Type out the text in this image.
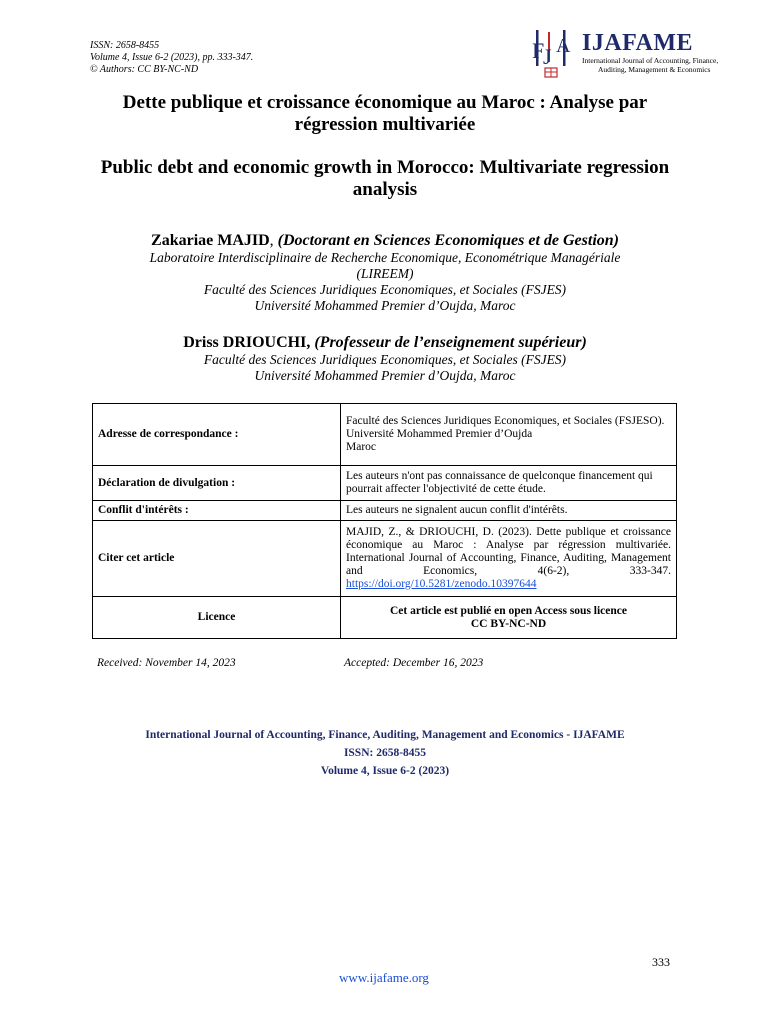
ISSN: 2658-8455
Volume 4, Issue 6-2 (2023), pp. 333-347.
© Authors: CC BY-NC-ND
F
J A IJAFAME
International Journal of Accounting, Finance,
Auditing, Management & Economics

Dette publique et croissance économique au Maroc : Analyse par régression multivariée

Public debt and economic growth in Morocco: Multivariate regression analysis

Zakariae MAJID, (Doctorant en Sciences Economiques et de Gestion)
Laboratoire Interdisciplinaire de Recherche Economique, Econométrique Managériale
(LIREEM)
Faculté des Sciences Juridiques Economiques, et Sociales (FSJES)
Université Mohammed Premier d’Oujda, Maroc
Driss DRIOUCHI, (Professeur de l’enseignement supérieur)
Faculté des Sciences Juridiques Economiques, et Sociales (FSJES)
Université Mohammed Premier d’Oujda, Maroc
Adresse de correspondance :	Faculté des Sciences Juridiques Economiques, et Sociales (FSJESO).
Université Mohammed Premier d’Oujda
Maroc

Déclaration de divulgation :	Les auteurs n'ont pas connaissance de quelconque financement qui pourrait affecter l'objectivité de cette étude.
Conflit d'intérêts :	Les auteurs ne signalent aucun conflit d'intérêts.
Citer cet article	MAJID, Z., & DRIOUCHI, D. (2023). Dette publique et croissance économique au Maroc : Analyse par régression multivariée. International Journal of Accounting, Finance, Auditing, Management and Economics, 4(6-2), 333-347. https://doi.org/10.5281/zenodo.10397644
Licence	Cet article est publié en open Access sous licence
CC BY-NC-ND
Received: November 14, 2023	Accepted: December 16, 2023
International Journal of Accounting, Finance, Auditing, Management and Economics - IJAFAME
ISSN: 2658-8455
Volume 4, Issue 6-2 (2023)
333
www.ijafame.org
